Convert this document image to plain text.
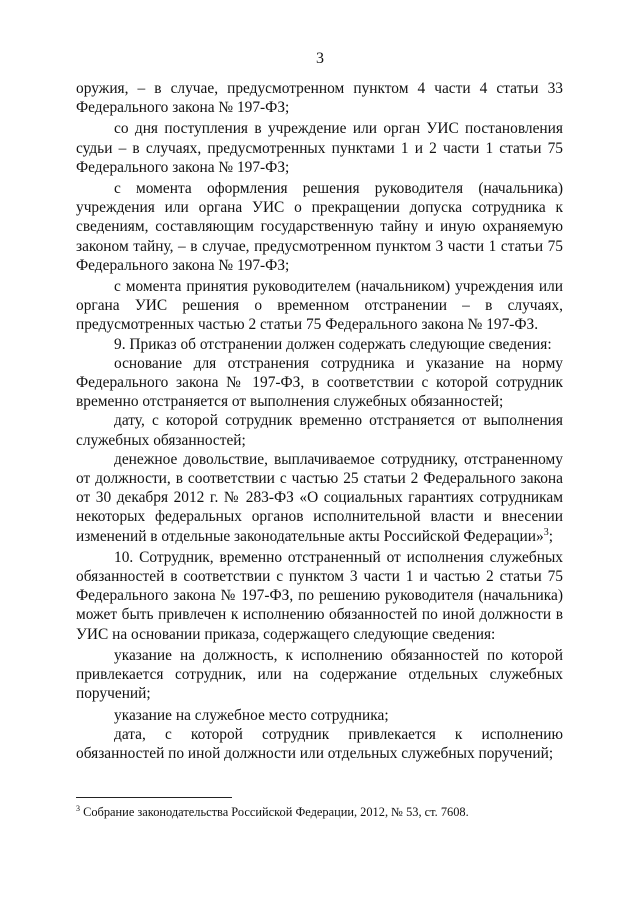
3

оружия, – в случае, предусмотренном пунктом 4 части 4 статьи 33 Федерального закона № 197-ФЗ;

со дня поступления в учреждение или орган УИС постановления судьи – в случаях, предусмотренных пунктами 1 и 2 части 1 статьи 75 Федерального закона № 197-ФЗ;

с момента оформления решения руководителя (начальника) учреждения или органа УИС о прекращении допуска сотрудника к сведениям, составляющим государственную тайну и иную охраняемую законом тайну, – в случае, предусмотренном пунктом 3 части 1 статьи 75 Федерального закона № 197-ФЗ;

с момента принятия руководителем (начальником) учреждения или органа УИС решения о временном отстранении – в случаях, предусмотренных частью 2 статьи 75 Федерального закона № 197-ФЗ.

9. Приказ об отстранении должен содержать следующие сведения:

основание для отстранения сотрудника и указание на норму Федерального закона № 197-ФЗ, в соответствии с которой сотрудник временно отстраняется от выполнения служебных обязанностей;

дату, с которой сотрудник временно отстраняется от выполнения служебных обязанностей;

денежное довольствие, выплачиваемое сотруднику, отстраненному от должности, в соответствии с частью 25 статьи 2 Федерального закона от 30 декабря 2012 г. № 283-ФЗ «О социальных гарантиях сотрудникам некоторых федеральных органов исполнительной власти и внесении изменений в отдельные законодательные акты Российской Федерации»$^3$;

10. Сотрудник, временно отстраненный от исполнения служебных обязанностей в соответствии с пунктом 3 части 1 и частью 2 статьи 75 Федерального закона № 197-ФЗ, по решению руководителя (начальника) может быть привлечен к исполнению обязанностей по иной должности в УИС на основании приказа, содержащего следующие сведения:

указание на должность, к исполнению обязанностей по которой привлекается сотрудник, или на содержание отдельных служебных поручений;

указание на служебное место сотрудника;

дата, с которой сотрудник привлекается к исполнению обязанностей по иной должности или отдельных служебных поручений;

$^3$ Собрание законодательства Российской Федерации, 2012, № 53, ст. 7608.
